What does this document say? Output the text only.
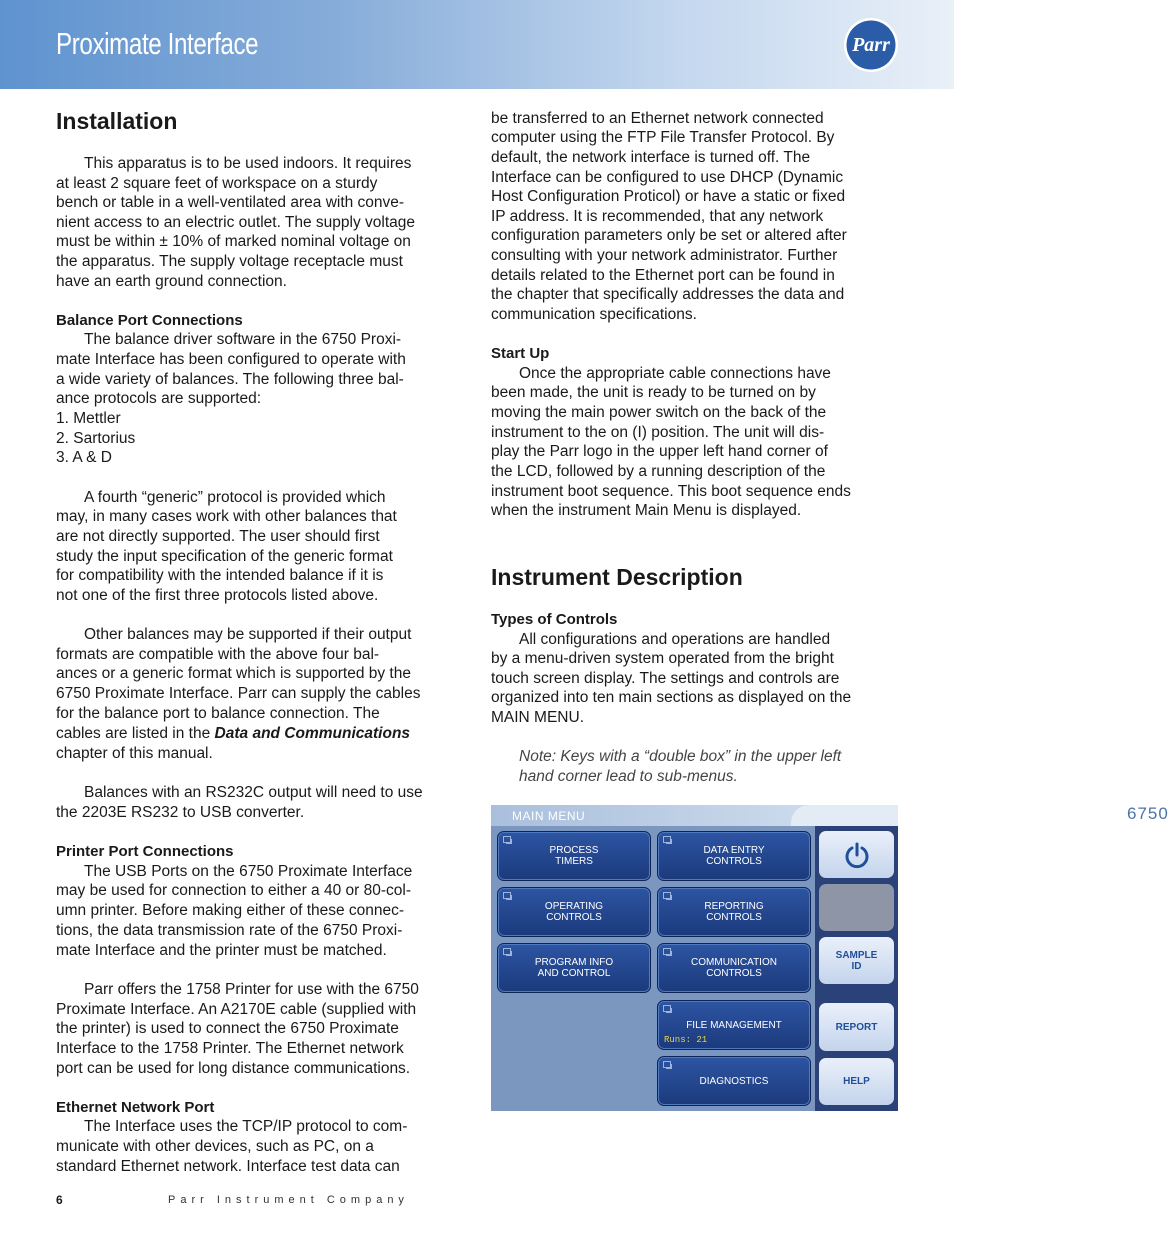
Proximate Interface	Parr
Installation
This apparatus is to be used indoors. It requires
at least 2 square feet of workspace on a sturdy
bench or table in a well-ventilated area with conve-
nient access to an electric outlet. The supply voltage
must be within ± 10% of marked nominal voltage on
the apparatus. The supply voltage receptacle must
have an earth ground connection.
Balance Port Connections
The balance driver software in the 6750 Proxi-
mate Interface has been configured to operate with
a wide variety of balances. The following three bal-
ance protocols are supported:
1. Mettler
2. Sartorius
3. A & D
A fourth “generic” protocol is provided which
may, in many cases work with other balances that
are not directly supported. The user should first
study the input specification of the generic format
for compatibility with the intended balance if it is
not one of the first three protocols listed above.
Other balances may be supported if their output
formats are compatible with the above four bal-
ances or a generic format which is supported by the
6750 Proximate Interface. Parr can supply the cables
for the balance port to balance connection. The
cables are listed in the Data and Communications
chapter of this manual.
Balances with an RS232C output will need to use
the 2203E RS232 to USB converter.
Printer Port Connections
The USB Ports on the 6750 Proximate Interface
may be used for connection to either a 40 or 80-col-
umn printer. Before making either of these connec-
tions, the data transmission rate of the 6750 Proxi-
mate Interface and the printer must be matched.
Parr offers the 1758 Printer for use with the 6750
Proximate Interface. An A2170E cable (supplied with
the printer) is used to connect the 6750 Proximate
Interface to the 1758 Printer. The Ethernet network
port can be used for long distance communications.
Ethernet Network Port
The Interface uses the TCP/IP protocol to com-
municate with other devices, such as PC, on a
standard Ethernet network. Interface test data can
be transferred to an Ethernet network connected
computer using the FTP File Transfer Protocol. By
default, the network interface is turned off. The
Interface can be configured to use DHCP (Dynamic
Host Configuration Proticol) or have a static or fixed
IP address. It is recommended, that any network
configuration parameters only be set or altered after
consulting with your network administrator. Further
details related to the Ethernet port can be found in
the chapter that specifically addresses the data and
communication specifications.
Start Up
Once the appropriate cable connections have
been made, the unit is ready to be turned on by
moving the main power switch on the back of the
instrument to the on (I) position. The unit will dis-
play the Parr logo in the upper left hand corner of
the LCD, followed by a running description of the
instrument boot sequence. This boot sequence ends
when the instrument Main Menu is displayed.
Instrument Description
Types of Controls
All configurations and operations are handled
by a menu-driven system operated from the bright
touch screen display. The settings and controls are
organized into ten main sections as displayed on the
MAIN MENU.
Note: Keys with a “double box” in the upper left
hand corner lead to sub-menus.
MAIN MENU	6750
PROCESS
TIMERS
DATA ENTRY
CONTROLS
OPERATING
CONTROLS
REPORTING
CONTROLS
PROGRAM INFO
AND CONTROL
COMMUNICATION
CONTROLS
FILE MANAGEMENT
Runs: 21
DIAGNOSTICS
SAMPLE
ID
REPORT
HELP
6	Parr Instrument Company
